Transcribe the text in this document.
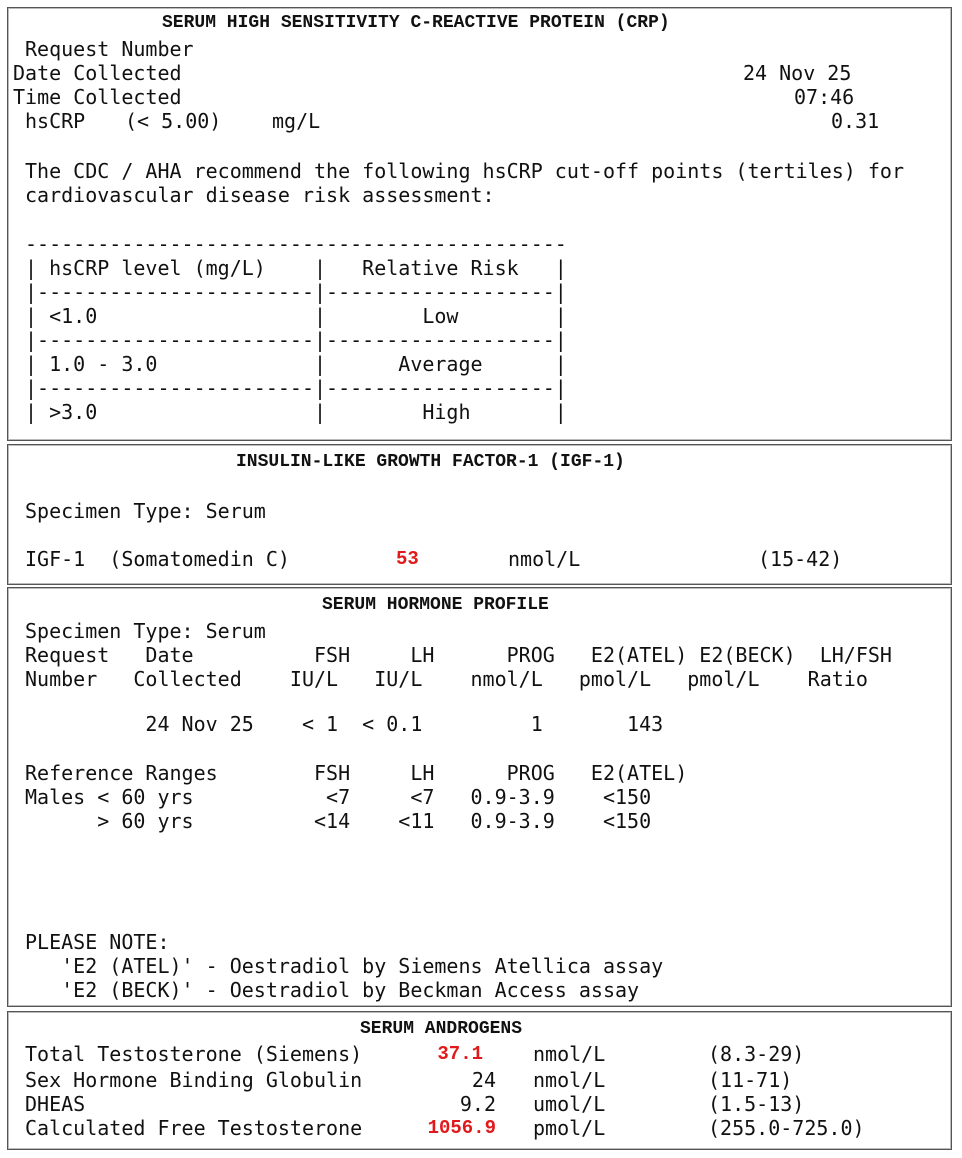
SERUM HIGH SENSITIVITY C-REACTIVE PROTEIN (CRP)
Request Number
Date Collected	24 Nov 25
Time Collected	07:46
hsCRP (< 5.00)	mg/L	0.31
The CDC / AHA recommend the following hsCRP cut-off points (tertiles) for
cardiovascular disease risk assessment:
---------------------------------------------
| hsCRP level (mg/L)    |   Relative Risk   |
|-----------------------|-------------------|
| <1.0                  |        Low        |
|-----------------------|-------------------|
| 1.0 - 3.0             |      Average      |
|-----------------------|-------------------|
| >3.0                  |        High       |
INSULIN-LIKE GROWTH FACTOR-1 (IGF-1)
Specimen Type: Serum
IGF-1  (Somatomedin C)	53	nmol/L	(15-42)
SERUM HORMONE PROFILE
Specimen Type: Serum
Request   Date          FSH     LH      PROG   E2(ATEL) E2(BECK)  LH/FSH
Number   Collected    IU/L   IU/L    nmol/L   pmol/L   pmol/L    Ratio
24 Nov 25    < 1  < 0.1         1       143
Reference Ranges        FSH     LH      PROG   E2(ATEL)
Males < 60 yrs           <7     <7   0.9-3.9    <150
> 60 yrs          <14    <11   0.9-3.9    <150
PLEASE NOTE:
'E2 (ATEL)' - Oestradiol by Siemens Atellica assay
'E2 (BECK)' - Oestradiol by Beckman Access assay
SERUM ANDROGENS
Total Testosterone (Siemens)	37.1	nmol/L	(8.3-29)
Sex Hormone Binding Globulin	24 nmol/L	(11-71)
DHEAS	9.2 umol/L	(1.5-13)
Calculated Free Testosterone	1056.9 pmol/L	(255.0-725.0)
